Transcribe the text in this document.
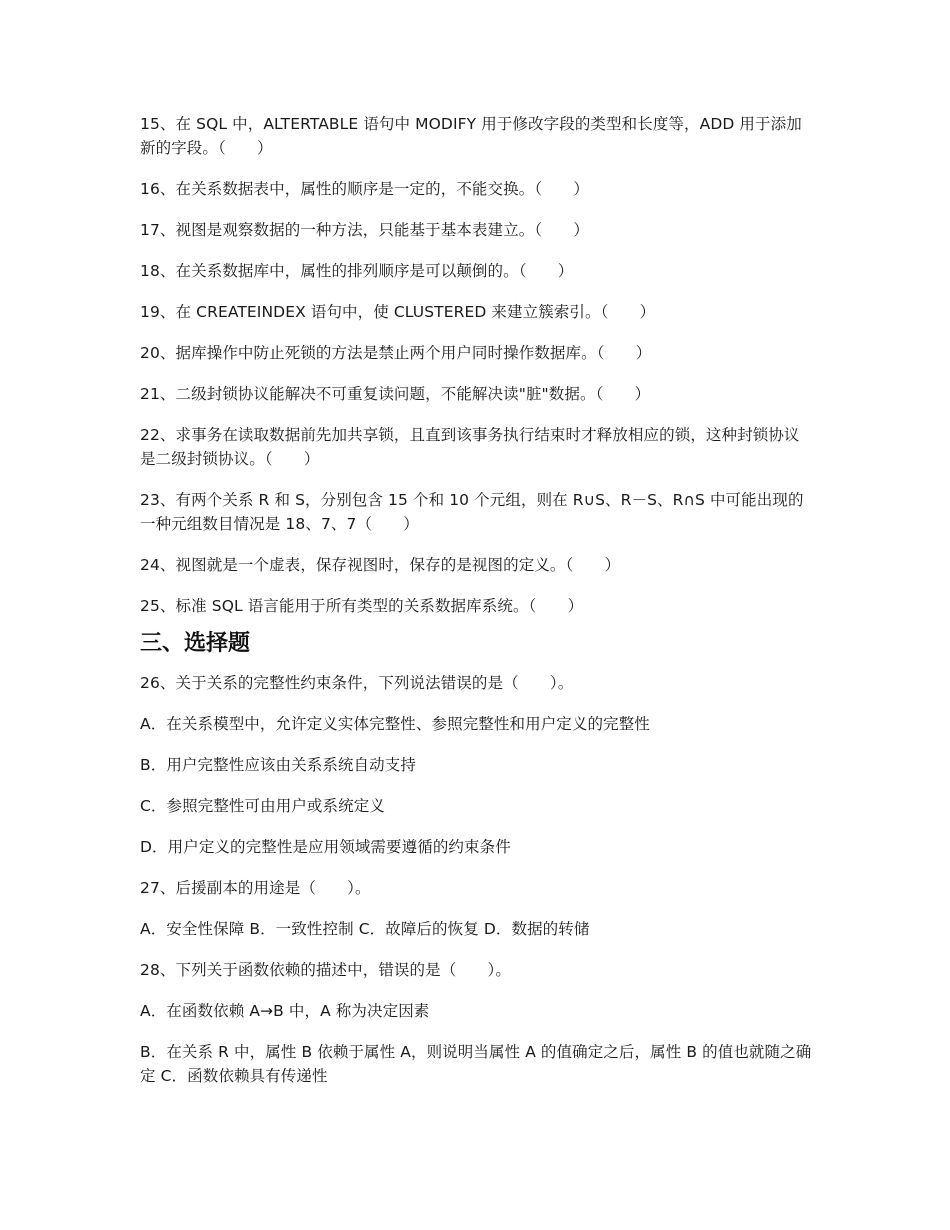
15、在 SQL 中，ALTERTABLE 语句中 MODIFY 用于修改字段的类型和长度等，ADD 用于添加新的字段。（　　）

16、在关系数据表中，属性的顺序是一定的，不能交换。（　　）

17、视图是观察数据的一种方法，只能基于基本表建立。（　　）

18、在关系数据库中，属性的排列顺序是可以颠倒的。（　　）

19、在 CREATEINDEX 语句中，使 CLUSTERED 来建立簇索引。（　　）

20、据库操作中防止死锁的方法是禁止两个用户同时操作数据库。（　　）

21、二级封锁协议能解决不可重复读问题，不能解决读"脏"数据。（　　）

22、求事务在读取数据前先加共享锁，且直到该事务执行结束时才释放相应的锁，这种封锁协议是二级封锁协议。（　　）

23、有两个关系 R 和 S，分别包含 15 个和 10 个元组，则在 R∪S、R－S、R∩S 中可能出现的一种元组数目情况是 18、7、7（　　）

24、视图就是一个虚表，保存视图时，保存的是视图的定义。（　　）

25、标准 SQL 语言能用于所有类型的关系数据库系统。（　　）

三、选择题

26、关于关系的完整性约束条件，下列说法错误的是（　　）。

A．在关系模型中，允许定义实体完整性、参照完整性和用户定义的完整性

B．用户完整性应该由关系系统自动支持

C．参照完整性可由用户或系统定义

D．用户定义的完整性是应用领域需要遵循的约束条件

27、后援副本的用途是（　　）。

A．安全性保障 B．一致性控制 C．故障后的恢复 D．数据的转储

28、下列关于函数依赖的描述中，错误的是（　　）。

A．在函数依赖 A→B 中，A 称为决定因素

B．在关系 R 中，属性 B 依赖于属性 A，则说明当属性 A 的值确定之后，属性 B 的值也就随之确定 C．函数依赖具有传递性
